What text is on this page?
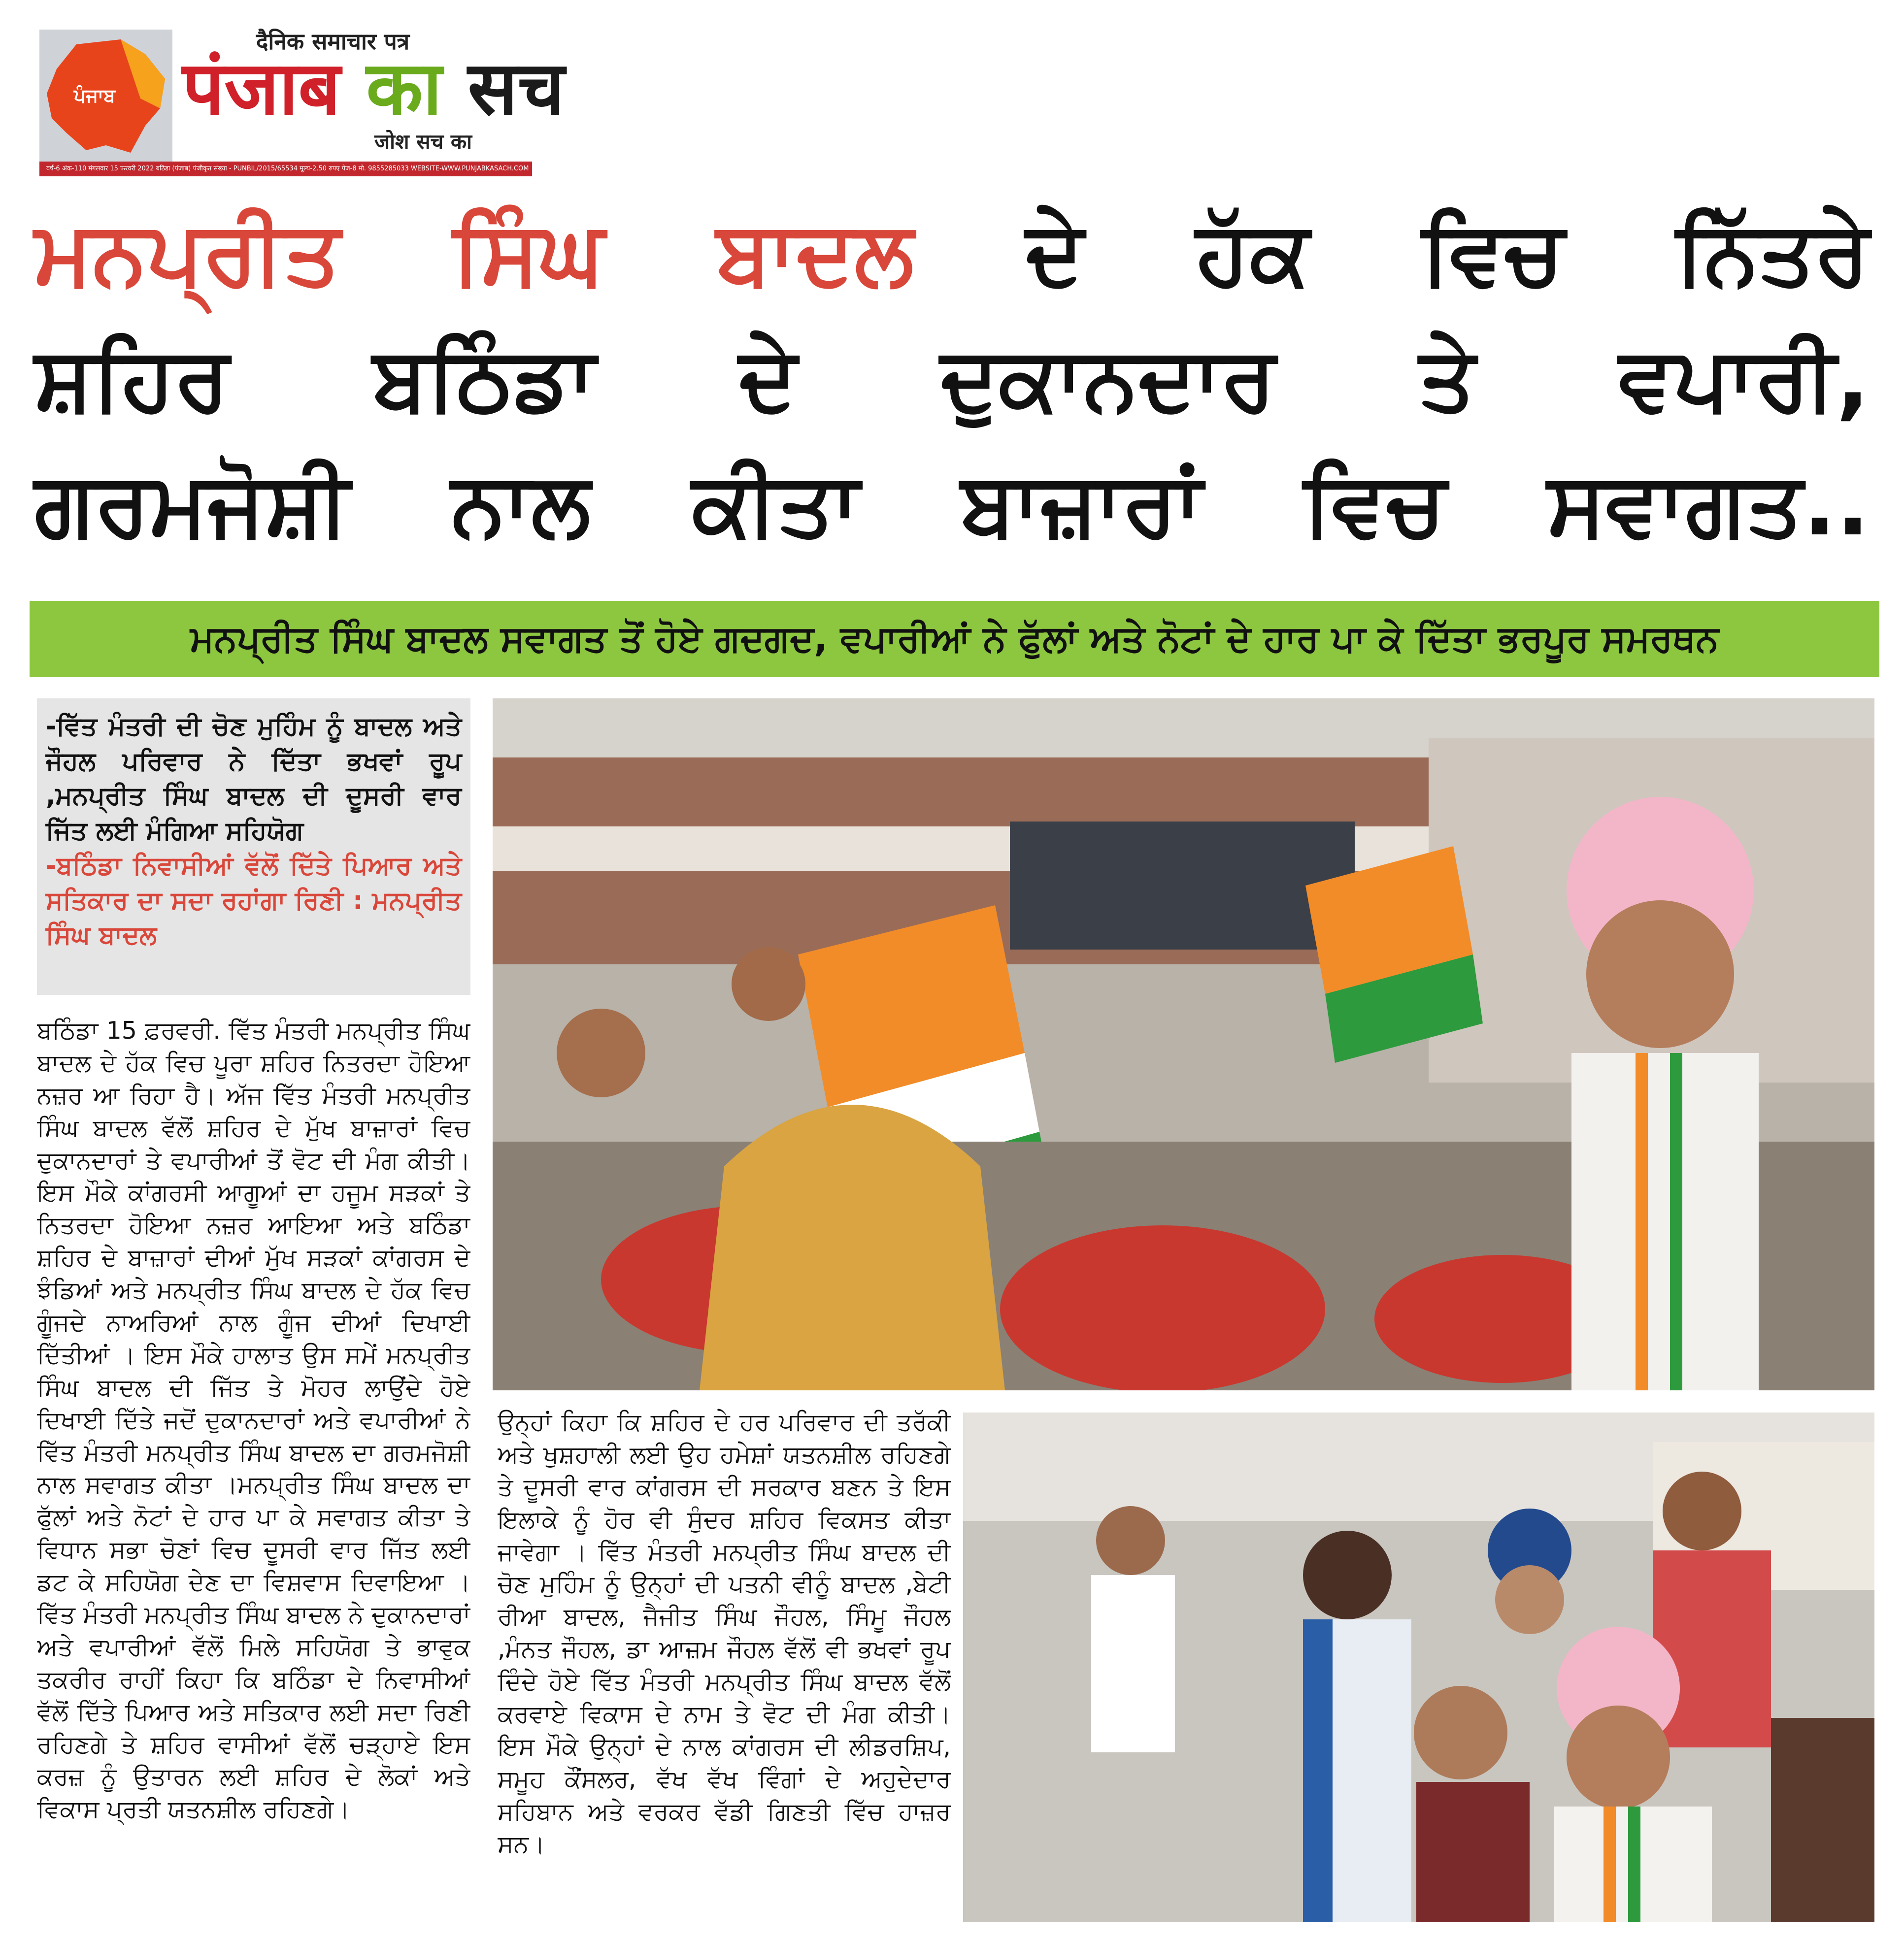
ਪੰਜਾਬ
दैनिक समाचार पत्र
पंजाब का सच
जोश सच का
वर्ष-6 अंक-110 मंगलवार 15 फरवरी 2022 बठिंडा (पंजाब) पंजीकृत संख्या - PUNBIL/2015/65534 मूल्य-2.50 रुपए पेज-8 मो. 9855285033 WEBSITE-WWW.PUNJABKASACH.COM
ਮਨਪ੍ਰੀਤ ਸਿੰਘ ਬਾਦਲ ਦੇ ਹੱਕ ਵਿਚ ਨਿੱਤਰੇ
ਸ਼ਹਿਰ ਬਠਿੰਡਾ ਦੇ ਦੁਕਾਨਦਾਰ ਤੇ ਵਪਾਰੀ,
ਗਰਮਜੋਸ਼ੀ ਨਾਲ ਕੀਤਾ ਬਾਜ਼ਾਰਾਂ ਵਿਚ ਸਵਾਗਤ..
ਮਨਪ੍ਰੀਤ ਸਿੰਘ ਬਾਦਲ ਸਵਾਗਤ ਤੋਂ ਹੋਏ ਗਦਗਦ, ਵਪਾਰੀਆਂ ਨੇ ਫੁੱਲਾਂ ਅਤੇ ਨੋਟਾਂ ਦੇ ਹਾਰ ਪਾ ਕੇ ਦਿੱਤਾ ਭਰਪੂਰ ਸਮਰਥਨ

-ਵਿੱਤ ਮੰਤਰੀ ਦੀ ਚੋਣ ਮੁਹਿੰਮ ਨੂੰ ਬਾਦਲ ਅਤੇ ਜੌਹਲ ਪਰਿਵਾਰ ਨੇ ਦਿੱਤਾ ਭਖਵਾਂ ਰੂਪ ,ਮਨਪ੍ਰੀਤ ਸਿੰਘ ਬਾਦਲ ਦੀ ਦੂਸਰੀ ਵਾਰ ਜਿੱਤ ਲਈ ਮੰਗਿਆ ਸਹਿਯੋਗ

-ਬਠਿੰਡਾ ਨਿਵਾਸੀਆਂ ਵੱਲੋਂ ਦਿੱਤੇ ਪਿਆਰ ਅਤੇ ਸਤਿਕਾਰ ਦਾ ਸਦਾ ਰਹਾਂਗਾ ਰਿਣੀ : ਮਨਪ੍ਰੀਤ ਸਿੰਘ ਬਾਦਲ

ਬਠਿੰਡਾ 15 ਫ਼ਰਵਰੀ. ਵਿੱਤ ਮੰਤਰੀ ਮਨਪ੍ਰੀਤ ਸਿੰਘ ਬਾਦਲ ਦੇ ਹੱਕ ਵਿਚ ਪੂਰਾ ਸ਼ਹਿਰ ਨਿਤਰਦਾ ਹੋਇਆ ਨਜ਼ਰ ਆ ਰਿਹਾ ਹੈ। ਅੱਜ ਵਿੱਤ ਮੰਤਰੀ ਮਨਪ੍ਰੀਤ ਸਿੰਘ ਬਾਦਲ ਵੱਲੋਂ ਸ਼ਹਿਰ ਦੇ ਮੁੱਖ ਬਾਜ਼ਾਰਾਂ ਵਿਚ ਦੁਕਾਨਦਾਰਾਂ ਤੇ ਵਪਾਰੀਆਂ ਤੋਂ ਵੋਟ ਦੀ ਮੰਗ ਕੀਤੀ।ਇਸ ਮੌਕੇ ਕਾਂਗਰਸੀ ਆਗੂਆਂ ਦਾ ਹਜੂਮ ਸੜਕਾਂ ਤੇ ਨਿਤਰਦਾ ਹੋਇਆ ਨਜ਼ਰ ਆਇਆ ਅਤੇ ਬਠਿੰਡਾ ਸ਼ਹਿਰ ਦੇ ਬਾਜ਼ਾਰਾਂ ਦੀਆਂ ਮੁੱਖ ਸੜਕਾਂ ਕਾਂਗਰਸ ਦੇ ਝੰਡਿਆਂ ਅਤੇ ਮਨਪ੍ਰੀਤ ਸਿੰਘ ਬਾਦਲ ਦੇ ਹੱਕ ਵਿਚ ਗੂੰਜਦੇ ਨਾਅਰਿਆਂ ਨਾਲ ਗੂੰਜ ਦੀਆਂ ਦਿਖਾਈ ਦਿੱਤੀਆਂ । ਇਸ ਮੌਕੇ ਹਾਲਾਤ ਉਸ ਸਮੇਂ ਮਨਪ੍ਰੀਤ ਸਿੰਘ ਬਾਦਲ ਦੀ ਜਿੱਤ ਤੇ ਮੋਹਰ ਲਾਉਂਦੇ ਹੋਏ ਦਿਖਾਈ ਦਿੱਤੇ ਜਦੋਂ ਦੁਕਾਨਦਾਰਾਂ ਅਤੇ ਵਪਾਰੀਆਂ ਨੇ ਵਿੱਤ ਮੰਤਰੀ ਮਨਪ੍ਰੀਤ ਸਿੰਘ ਬਾਦਲ ਦਾ ਗਰਮਜੋਸ਼ੀ ਨਾਲ ਸਵਾਗਤ ਕੀਤਾ ।ਮਨਪ੍ਰੀਤ ਸਿੰਘ ਬਾਦਲ ਦਾ ਫੁੱਲਾਂ ਅਤੇ ਨੋਟਾਂ ਦੇ ਹਾਰ ਪਾ ਕੇ ਸਵਾਗਤ ਕੀਤਾ ਤੇ ਵਿਧਾਨ ਸਭਾ ਚੋਣਾਂ ਵਿਚ ਦੂਸਰੀ ਵਾਰ ਜਿੱਤ ਲਈ ਡਟ ਕੇ ਸਹਿਯੋਗ ਦੇਣ ਦਾ ਵਿਸ਼ਵਾਸ ਦਿਵਾਇਆ ।ਵਿੱਤ ਮੰਤਰੀ ਮਨਪ੍ਰੀਤ ਸਿੰਘ ਬਾਦਲ ਨੇ ਦੁਕਾਨਦਾਰਾਂ ਅਤੇ ਵਪਾਰੀਆਂ ਵੱਲੋਂ ਮਿਲੇ ਸਹਿਯੋਗ ਤੇ ਭਾਵੁਕ ਤਕਰੀਰ ਰਾਹੀਂ ਕਿਹਾ ਕਿ ਬਠਿੰਡਾ ਦੇ ਨਿਵਾਸੀਆਂ ਵੱਲੋਂ ਦਿੱਤੇ ਪਿਆਰ ਅਤੇ ਸਤਿਕਾਰ ਲਈ ਸਦਾ ਰਿਣੀ ਰਹਿਣਗੇ ਤੇ ਸ਼ਹਿਰ ਵਾਸੀਆਂ ਵੱਲੋਂ ਚੜ੍ਹਾਏ ਇਸ ਕਰਜ਼ ਨੂੰ ਉਤਾਰਨ ਲਈ ਸ਼ਹਿਰ ਦੇ ਲੋਕਾਂ ਅਤੇ ਵਿਕਾਸ ਪ੍ਰਤੀ ਯਤਨਸ਼ੀਲ ਰਹਿਣਗੇ।

ਉਨ੍ਹਾਂ ਕਿਹਾ ਕਿ ਸ਼ਹਿਰ ਦੇ ਹਰ ਪਰਿਵਾਰ ਦੀ ਤਰੱਕੀ ਅਤੇ ਖੁਸ਼ਹਾਲੀ ਲਈ ਉਹ ਹਮੇਸ਼ਾਂ ਯਤਨਸ਼ੀਲ ਰਹਿਣਗੇ ਤੇ ਦੂਸਰੀ ਵਾਰ ਕਾਂਗਰਸ ਦੀ ਸਰਕਾਰ ਬਣਨ ਤੇ ਇਸ ਇਲਾਕੇ ਨੂੰ ਹੋਰ ਵੀ ਸੁੰਦਰ ਸ਼ਹਿਰ ਵਿਕਸਤ ਕੀਤਾ ਜਾਵੇਗਾ । ਵਿੱਤ ਮੰਤਰੀ ਮਨਪ੍ਰੀਤ ਸਿੰਘ ਬਾਦਲ ਦੀ ਚੋਣ ਮੁਹਿੰਮ ਨੂੰ ਉਨ੍ਹਾਂ ਦੀ ਪਤਨੀ ਵੀਨੂੰ ਬਾਦਲ ,ਬੇਟੀ ਰੀਆ ਬਾਦਲ, ਜੈਜੀਤ ਸਿੰਘ ਜੌਹਲ, ਸਿੰਮੂ ਜੌਹਲ ,ਮੰਨਤ ਜੌਹਲ, ਡਾ ਆਜ਼ਮ ਜੌਹਲ ਵੱਲੋਂ ਵੀ ਭਖਵਾਂ ਰੂਪ ਦਿੰਦੇ ਹੋਏ ਵਿੱਤ ਮੰਤਰੀ ਮਨਪ੍ਰੀਤ ਸਿੰਘ ਬਾਦਲ ਵੱਲੋਂ ਕਰਵਾਏ ਵਿਕਾਸ ਦੇ ਨਾਮ ਤੇ ਵੋਟ ਦੀ ਮੰਗ ਕੀਤੀ। ਇਸ ਮੌਕੇ ਉਨ੍ਹਾਂ ਦੇ ਨਾਲ ਕਾਂਗਰਸ ਦੀ ਲੀਡਰਸ਼ਿਪ, ਸਮੂਹ ਕੌਂਸਲਰ, ਵੱਖ ਵੱਖ ਵਿੰਗਾਂ ਦੇ ਅਹੁਦੇਦਾਰ ਸਹਿਬਾਨ ਅਤੇ ਵਰਕਰ ਵੱਡੀ ਗਿਣਤੀ ਵਿੱਚ ਹਾਜ਼ਰ ਸਨ।
